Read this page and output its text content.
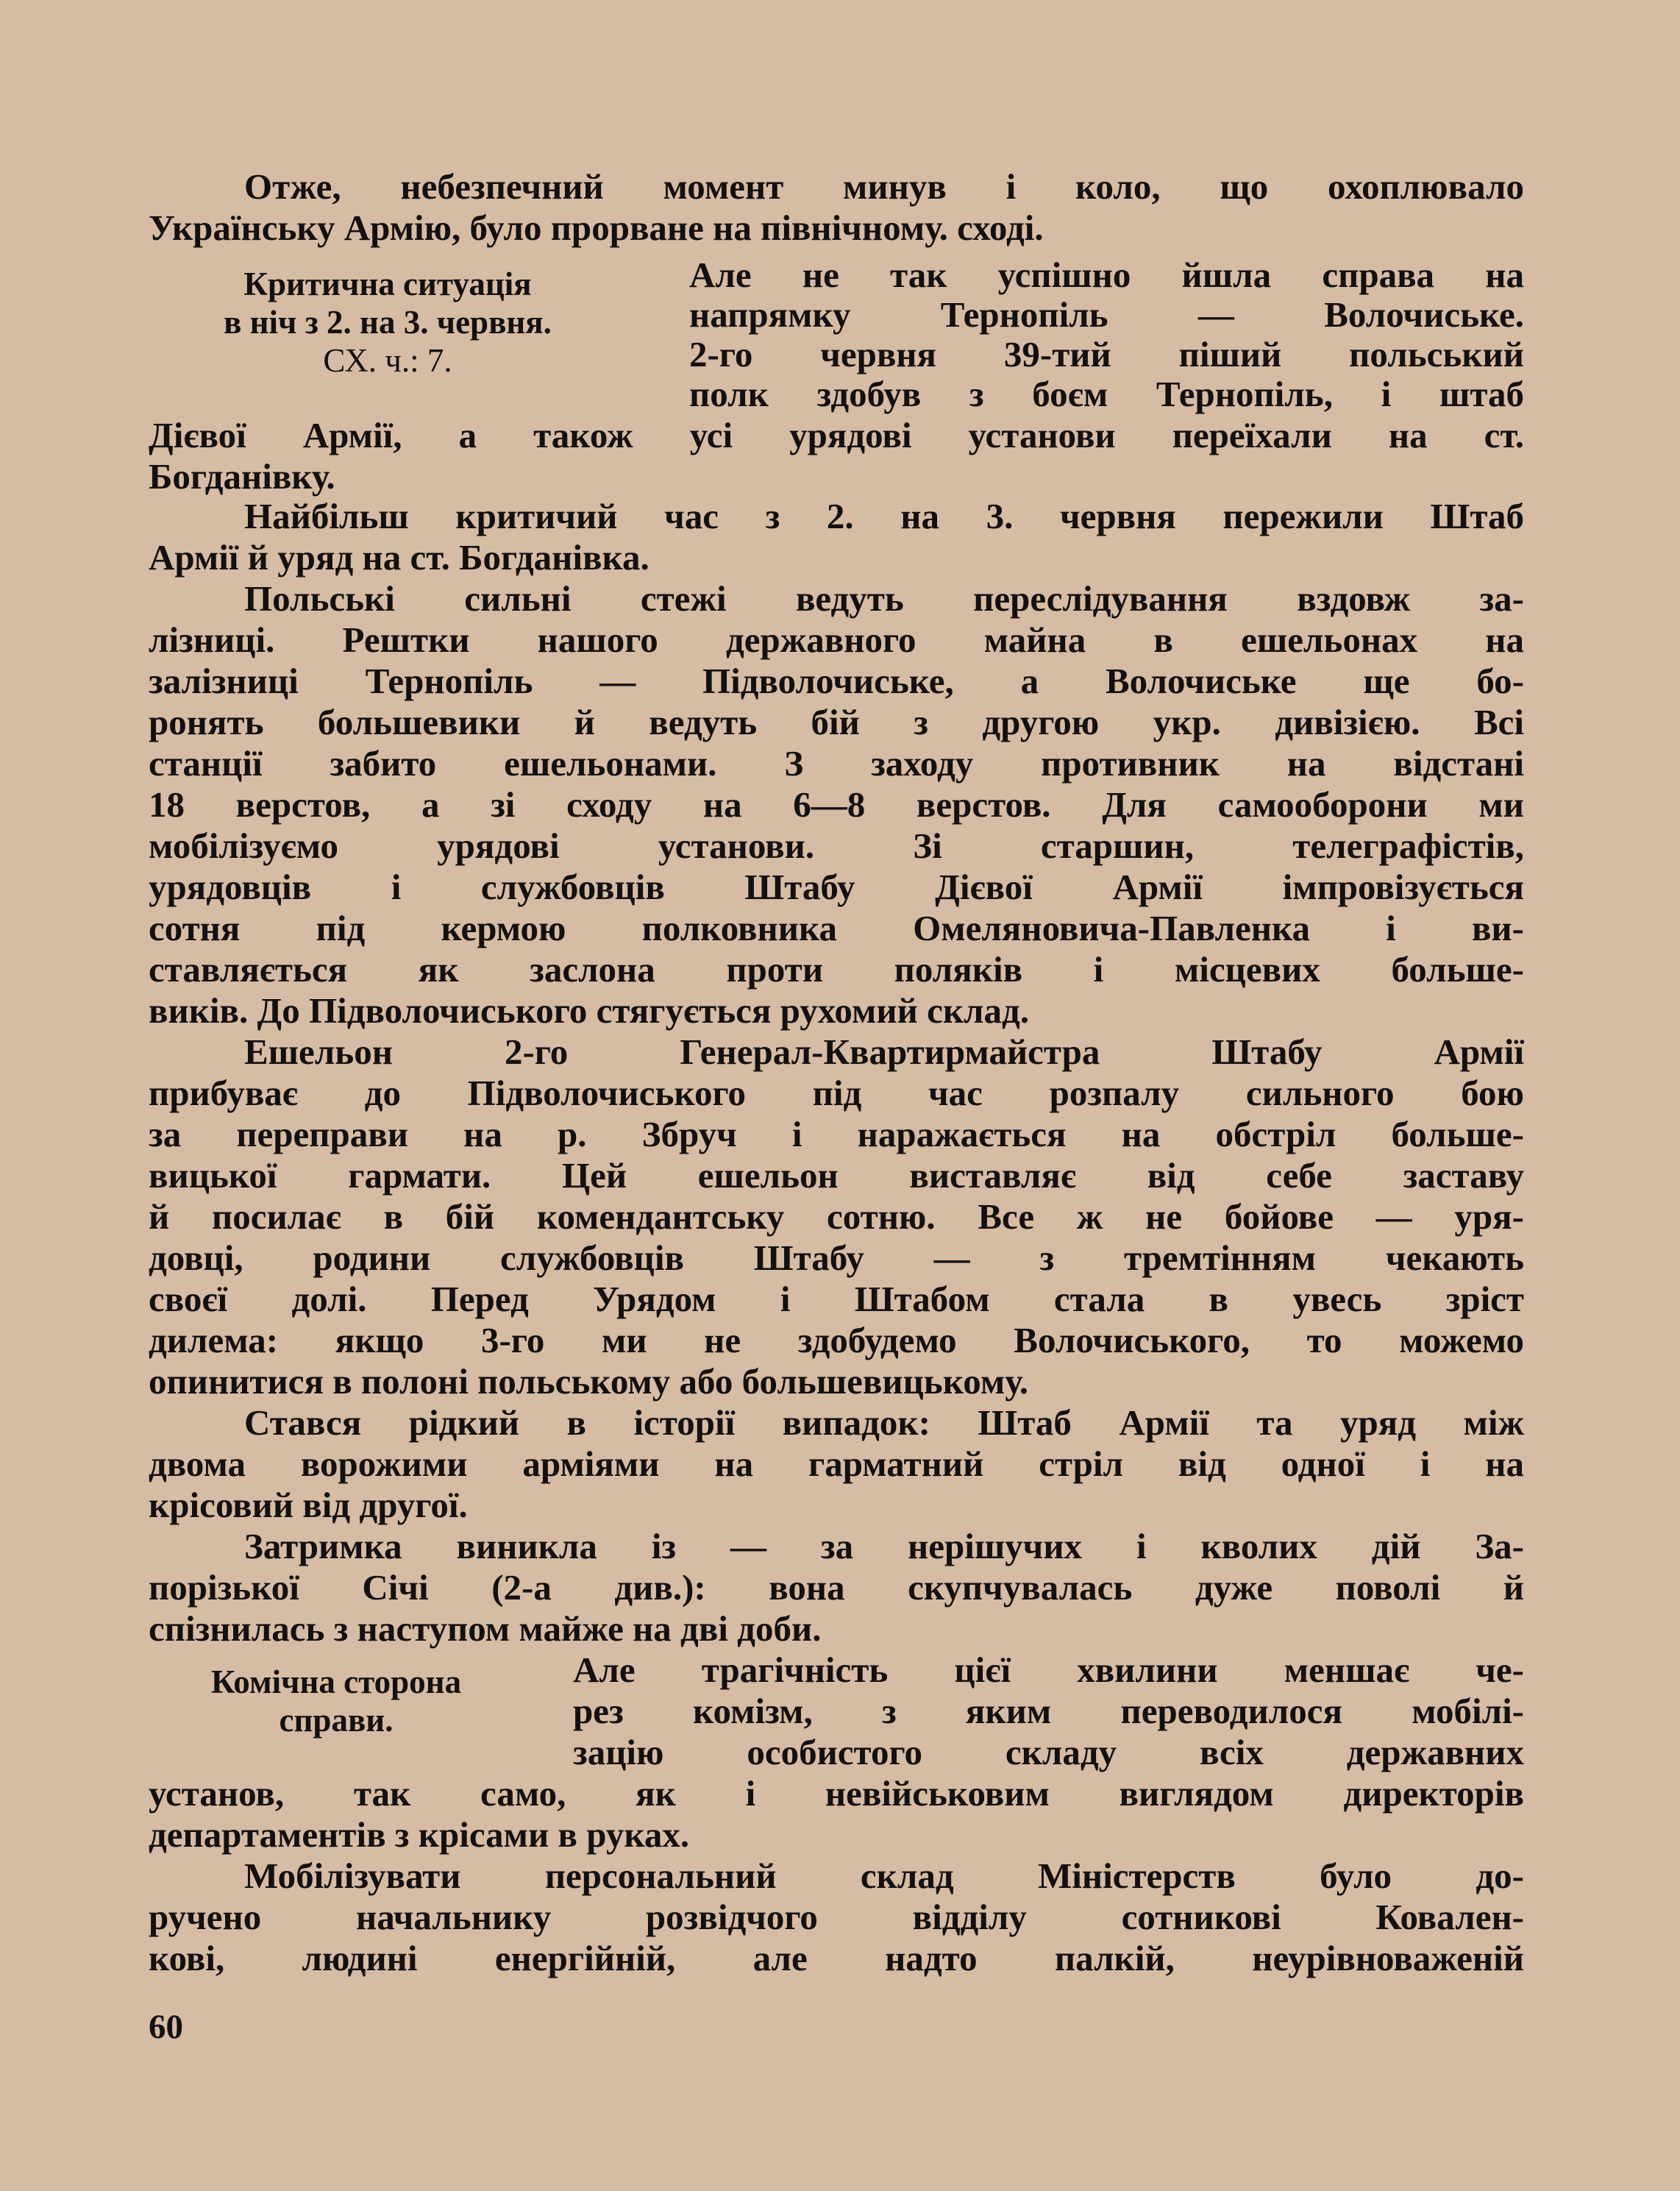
Отже, небезпечний момент минув і коло, що охоплювало
Українську Армію, було прорване на північному. сході.
Критична ситуація
в ніч з 2. на 3. червня.
СХ. ч.: 7.
Але не так успішно йшла справа на
напрямку Тернопіль — Волочиське.
2-го червня 39-тий піший польський
полк здобув з боєм Тернопіль, і штаб
Дієвої Армії, а також усі урядові установи переїхали на ст.
Богданівку.
Найбільш критичий час з 2. на 3. червня пережили Штаб
Армії й уряд на ст. Богданівка.
Польські сильні стежі ведуть переслідування вздовж за-
лізниці. Рештки нашого державного майна в ешельонах на
залізниці Тернопіль — Підволочиське, а Волочиське ще бо-
ронять большевики й ведуть бій з другою укр. дивізією. Всі
станції забито ешельонами. З заходу противник на відстані
18 верстов, а зі сходу на 6—8 верстов. Для самооборони ми
мобілізуємо урядові установи. Зі старшин, телеграфістів,
урядовців і службовців Штабу Дієвої Армії імпровізується
сотня під кермою полковника Омеляновича-Павленка і ви-
ставляється як заслона проти поляків і місцевих больше-
виків. До Підволочиського стягується рухомий склад.
Ешельон 2-го Генерал-Квартирмайстра Штабу Армії
прибуває до Підволочиського під час розпалу сильного бою
за переправи на р. Збруч і наражається на обстріл больше-
вицької гармати. Цей ешельон виставляє від себе заставу
й посилає в бій комендантську сотню. Все ж не бойове — уря-
довці, родини службовців Штабу — з тремтінням чекають
своєї долі. Перед Урядом і Штабом стала в увесь зріст
дилема: якщо 3-го ми не здобудемо Волочиського, то можемо
опинитися в полоні польському або большевицькому.
Стався рідкий в історії випадок: Штаб Армії та уряд між
двома ворожими арміями на гарматний стріл від одної і на
крісовий від другої.
Затримка виникла із — за нерішучих і кволих дій За-
порізької Січі (2-а див.): вона скупчувалась дуже поволі й
спізнилась з наступом майже на дві доби.
Комічна сторона
справи.
Але трагічність цієї хвилини меншає че-
рез комізм, з яким переводилося мобілі-
зацію особистого складу всіх державних
установ, так само, як і невійськовим виглядом директорів
департаментів з крісами в руках.
Мобілізувати персональний склад Міністерств було до-
ручено начальнику розвідчого відділу сотникові Ковален-
кові, людині енергійній, але надто палкій, неурівноваженій
60
